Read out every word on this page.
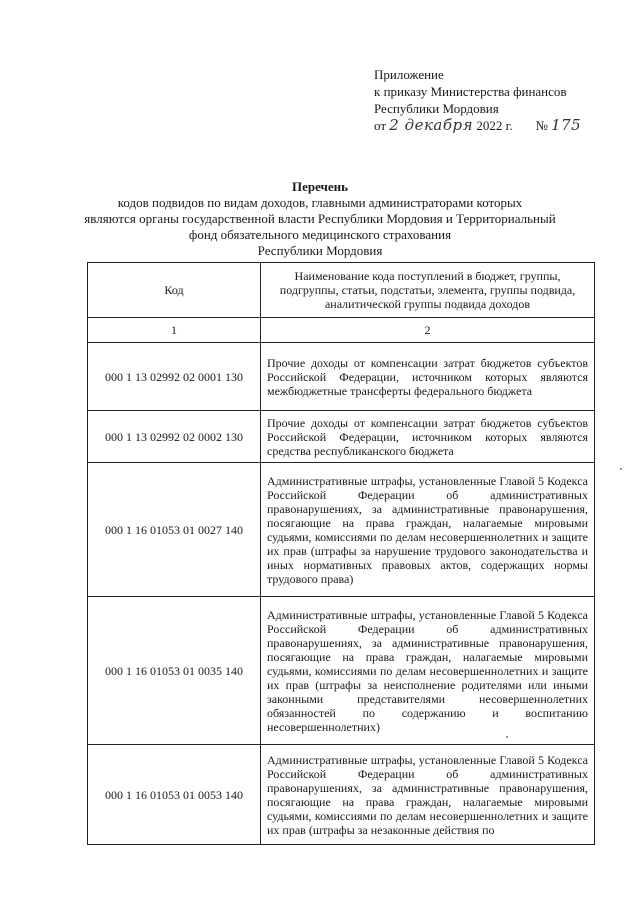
Приложение
к приказу Министерства финансов
Республики Мордовия
от 2 декабря 2022 г. № 175
Перечень
кодов подвидов по видам доходов, главными администраторами которых
являются органы государственной власти Республики Мордовия и Территориальный
фонд обязательного медицинского страхования
Республики Мордовия
Код	Наименование кода поступлений в бюджет, группы, подгруппы, статьи, подстатьи, элемента, группы подвида, аналитической группы подвида доходов
1	2
000 1 13 02992 02 0001 130	Прочие доходы от компенсации затрат бюджетов субъектов Российской Федерации, источником которых являются межбюджетные трансферты федерального бюджета
000 1 13 02992 02 0002 130	Прочие доходы от компенсации затрат бюджетов субъектов Российской Федерации, источником которых являются средства республиканского бюджета
000 1 16 01053 01 0027 140	Административные штрафы, установленные Главой 5 Кодекса Российской Федерации об административных правонарушениях, за административные правонарушения, посягающие на права граждан, налагаемые мировыми судьями, комиссиями по делам несовершеннолетних и защите их прав (штрафы за нарушение трудового законодательства и иных нормативных правовых актов, содержащих нормы трудового права)
000 1 16 01053 01 0035 140	Административные штрафы, установленные Главой 5 Кодекса Российской Федерации об административных правонарушениях, за административные правонарушения, посягающие на права граждан, налагаемые мировыми судьями, комиссиями по делам несовершеннолетних и защите их прав (штрафы за неисполнение родителями или иными законными представителями несовершеннолетних обязанностей по содержанию и воспитанию несовершеннолетних)
000 1 16 01053 01 0053 140	Административные штрафы, установленные Главой 5 Кодекса Российской Федерации об административных правонарушениях, за административные правонарушения, посягающие на права граждан, налагаемые мировыми судьями, комиссиями по делам несовершеннолетних и защите их прав (штрафы за незаконные действия по
